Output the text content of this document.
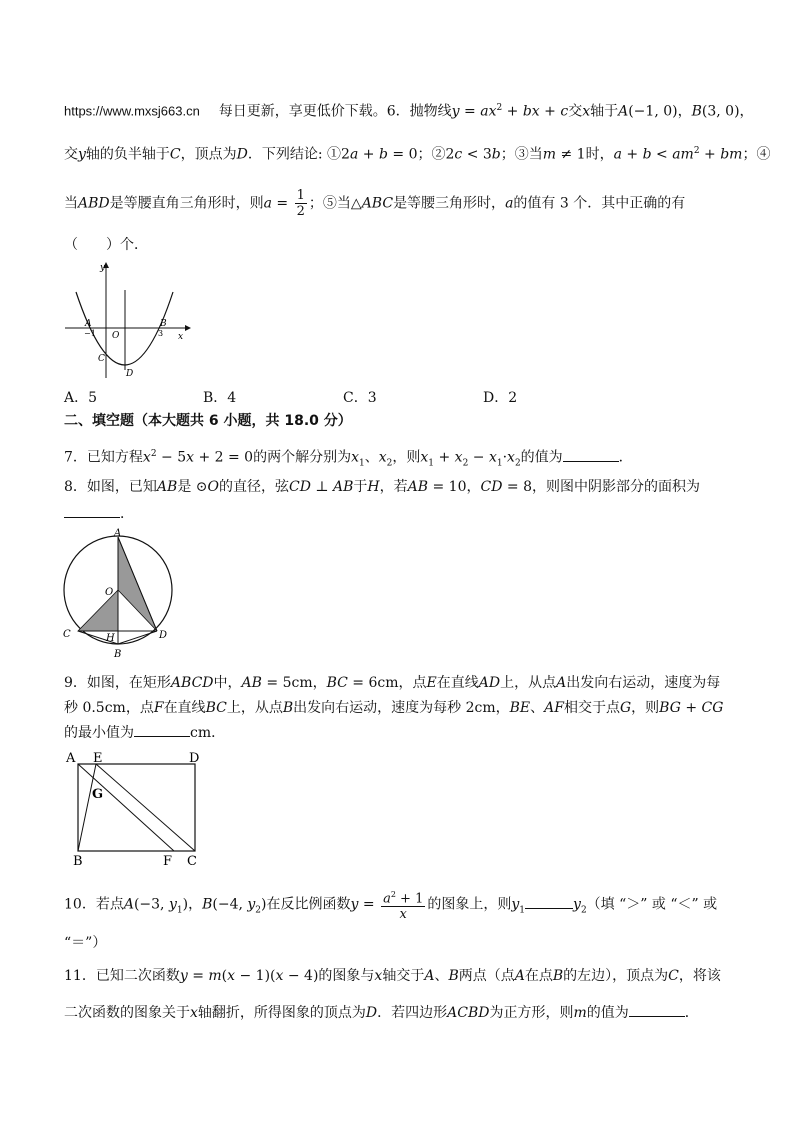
https://www.mxsj663.cn 每日更新，享更低价下载。6．抛物线$y = ax^2$ + bx + c交x轴于A(−1, 0)，B(3, 0)，
交y轴的负半轴于C，顶点为D．下列结论: ①2a + b = 0；②2c < 3b；③当m ≠ 1时，$a + b < am^2$ + bm；④
当ABD是等腰直角三角形时，则$a = \frac{1}{2}$ ；⑤当△ABC是等腰三角形时，a的值有 3 个．其中正确的有
（　　）个．
y
x
A
−1 O
B
3
C
D
A．5	B．4	C．3	D．2
二、填空题（本大题共 6 小题，共 18.0 分）
7．已知方程$x^2 - 5x + 2 = 0$的两个解分别为$x_1$、$x_2$，则$x_1 + x_2 - x_1\cdot x_2$的值为	．
8．如图，已知AB是 ⊙O的直径，弦CD ⊥ AB于H，若AB = 10，CD = 8，则图中阴影部分的面积为
．
A
O
C	H	D
B
9．如图，在矩形ABCD中，AB = 5cm，BC = 6cm，点E在直线AD上，从点A出发向右运动，速度为每
秒 0.5cm，点F在直线BC上，从点B出发向右运动，速度为每秒 2cm，BE、AF相交于点G，则BG + CG
的最小值为	cm．
A E	D
G
B	F C
10．若点A(−3, $y_1$)，B(−4, $y_2$)在反比例函数$y = \frac{a^2 + 1}{x}$ 的图象上，则$y_1$	$y_2$（填 “＞” 或 “＜” 或
“＝”）
11．已知二次函数y = m(x − 1)(x − 4)的图象与x轴交于A、B两点（点A在点B的左边），顶点为C，将该
二次函数的图象关于x轴翻折，所得图象的顶点为D．若四边形ACBD为正方形，则m的值为	．
